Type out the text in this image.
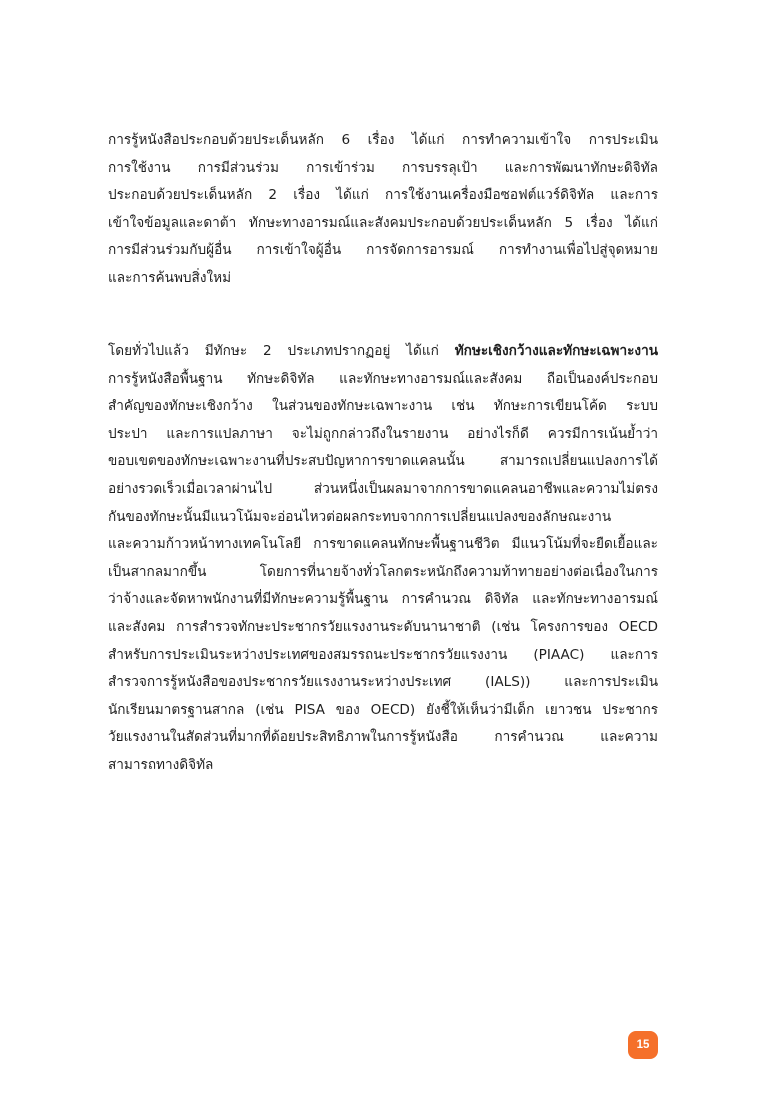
การรู้หนังสือประกอบด้วยประเด็นหลัก 6 เรื่อง ได้แก่ การทำความเข้าใจ การประเมิน
การใช้งาน การมีส่วนร่วม การเข้าร่วม การบรรลุเป้า และการพัฒนาทักษะดิจิทัล
ประกอบด้วยประเด็นหลัก 2 เรื่อง ได้แก่ การใช้งานเครื่องมือซอฟต์แวร์ดิจิทัล และการ
เข้าใจข้อมูลและดาต้า ทักษะทางอารมณ์และสังคมประกอบด้วยประเด็นหลัก 5 เรื่อง ได้แก่
การมีส่วนร่วมกับผู้อื่น การเข้าใจผู้อื่น การจัดการอารมณ์ การทำงานเพื่อไปสู่จุดหมาย
และการค้นพบสิ่งใหม่
โดยทั่วไปแล้ว มีทักษะ 2 ประเภทปรากฏอยู่ ได้แก่ ทักษะเชิงกว้างและทักษะเฉพาะงาน
การรู้หนังสือพื้นฐาน ทักษะดิจิทัล และทักษะทางอารมณ์และสังคม ถือเป็นองค์ประกอบ
สำคัญของทักษะเชิงกว้าง ในส่วนของทักษะเฉพาะงาน เช่น ทักษะการเขียนโค้ด ระบบ
ประปา และการแปลภาษา จะไม่ถูกกล่าวถึงในรายงาน อย่างไรก็ดี ควรมีการเน้นย้ำว่า
ขอบเขตของทักษะเฉพาะงานที่ประสบปัญหาการขาดแคลนนั้น สามารถเปลี่ยนแปลงการได้
อย่างรวดเร็วเมื่อเวลาผ่านไป ส่วนหนึ่งเป็นผลมาจากการขาดแคลนอาชีพและความไม่ตรง
กันของทักษะนั้นมีแนวโน้มจะอ่อนไหวต่อผลกระทบจากการเปลี่ยนแปลงของลักษณะงาน
และความก้าวหน้าทางเทคโนโลยี การขาดแคลนทักษะพื้นฐานชีวิต มีแนวโน้มที่จะยืดเยื้อและ
เป็นสากลมากขึ้น โดยการที่นายจ้างทั่วโลกตระหนักถึงความท้าทายอย่างต่อเนื่องในการ
ว่าจ้างและจัดหาพนักงานที่มีทักษะความรู้พื้นฐาน การคำนวณ ดิจิทัล และทักษะทางอารมณ์
และสังคม การสำรวจทักษะประชากรวัยแรงงานระดับนานาชาติ (เช่น โครงการของ OECD
สำหรับการประเมินระหว่างประเทศของสมรรถนะประชากรวัยแรงงาน (PIAAC) และการ
สำรวจการรู้หนังสือของประชากรวัยแรงงานระหว่างประเทศ (IALS)) และการประเมิน
นักเรียนมาตรฐานสากล (เช่น PISA ของ OECD) ยังชี้ให้เห็นว่ามีเด็ก เยาวชน ประชากร
วัยแรงงานในสัดส่วนที่มากที่ด้อยประสิทธิภาพในการรู้หนังสือ การคำนวณ และความ
สามารถทางดิจิทัล
15
